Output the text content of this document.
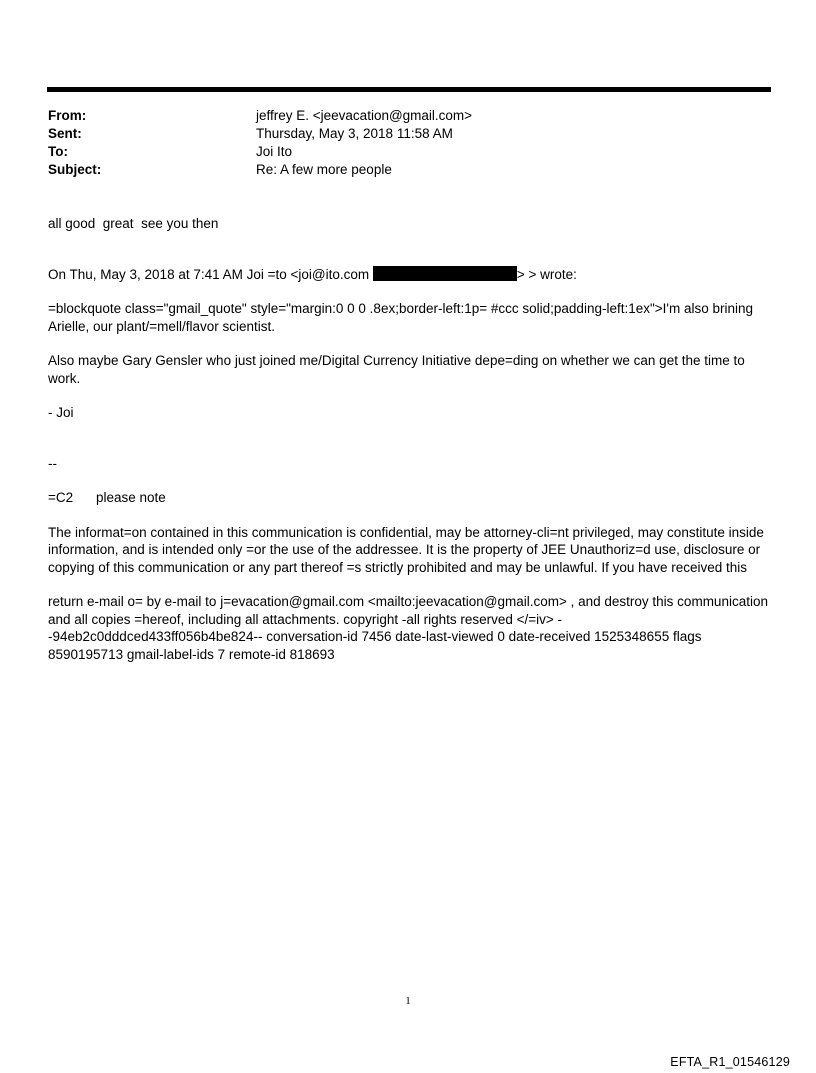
From:	jeffrey E. <jeevacation@gmail.com>
Sent:	Thursday, May 3, 2018 11:58 AM
To:	Joi Ito
Subject:	Re: A few more people

all good  great  see you then

On Thu, May 3, 2018 at 7:41 AM Joi =to <joi@ito.com	> > wrote:

=blockquote class="gmail_quote" style="margin:0 0 0 .8ex;border-left:1p= #ccc solid;padding-left:1ex">I'm also brining Arielle, our plant/=mell/flavor scientist.

Also maybe Gary Gensler who just joined me/Digital Currency Initiative depe=ding on whether we can get the time to work.

- Joi

--

=C2 please note

The informat=on contained in this communication is confidential, may be attorney-cli=nt privileged, may constitute inside information, and is intended only =or the use of the addressee. It is the property of JEE Unauthoriz=d use, disclosure or copying of this communication or any part thereof =s strictly prohibited and may be unlawful. If you have received this

return e-mail o= by e-mail to j=evacation@gmail.com <mailto:jeevacation@gmail.com> , and destroy this communication and all copies =hereof, including all attachments. copyright -all rights reserved </=iv> --94eb2c0dddced433ff056b4be824-- conversation-id 7456 date-last-viewed 0 date-received 1525348655 flags 8590195713 gmail-label-ids 7 remote-id 818693

1
EFTA_R1_01546129
